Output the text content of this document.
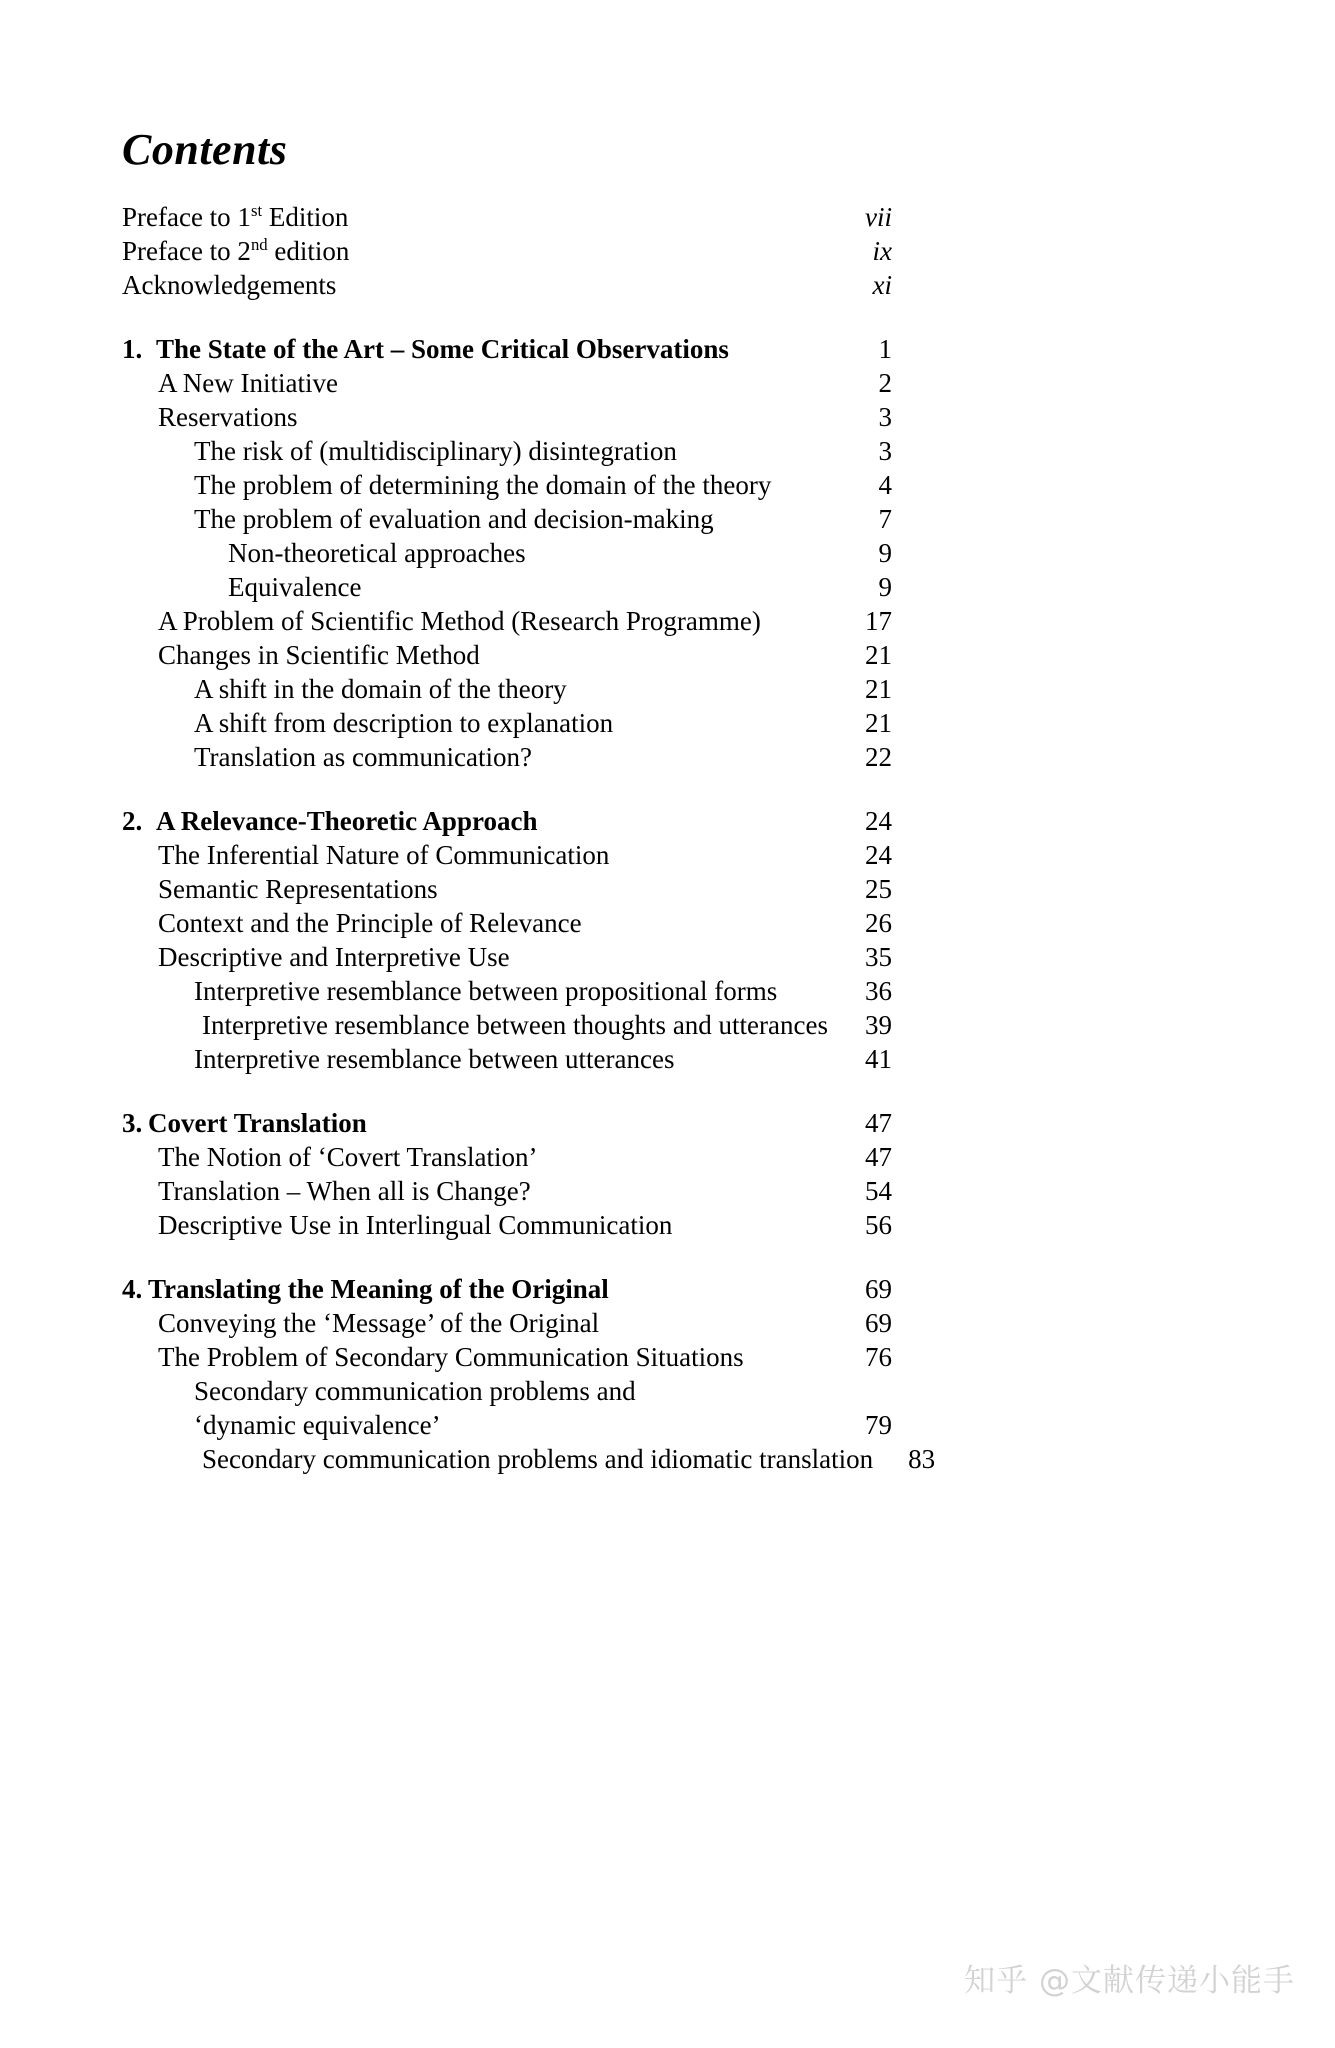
Contents
Preface to 1st Edition	vii
Preface to 2nd edition	ix
Acknowledgements	xi
1. The State of the Art – Some Critical Observations	1
A New Initiative	2
Reservations	3
The risk of (multidisciplinary) disintegration	3
The problem of determining the domain of the theory	4
The problem of evaluation and decision-making	7
Non-theoretical approaches	9
Equivalence	9
A Problem of Scientific Method (Research Programme)	17
Changes in Scientific Method	21
A shift in the domain of the theory	21
A shift from description to explanation	21
Translation as communication?	22
2. A Relevance-Theoretic Approach	24
The Inferential Nature of Communication	24
Semantic Representations	25
Context and the Principle of Relevance	26
Descriptive and Interpretive Use	35
Interpretive resemblance between propositional forms	36
Interpretive resemblance between thoughts and utterances	39
Interpretive resemblance between utterances	41
3. Covert Translation	47
The Notion of ‘Covert Translation’	47
Translation – When all is Change?	54
Descriptive Use in Interlingual Communication	56
4. Translating the Meaning of the Original	69
Conveying the ‘Message’ of the Original	69
The Problem of Secondary Communication Situations	76
Secondary communication problems and
‘dynamic equivalence’	79
Secondary communication problems and idiomatic translation	83
知乎 @文献传递小能手
